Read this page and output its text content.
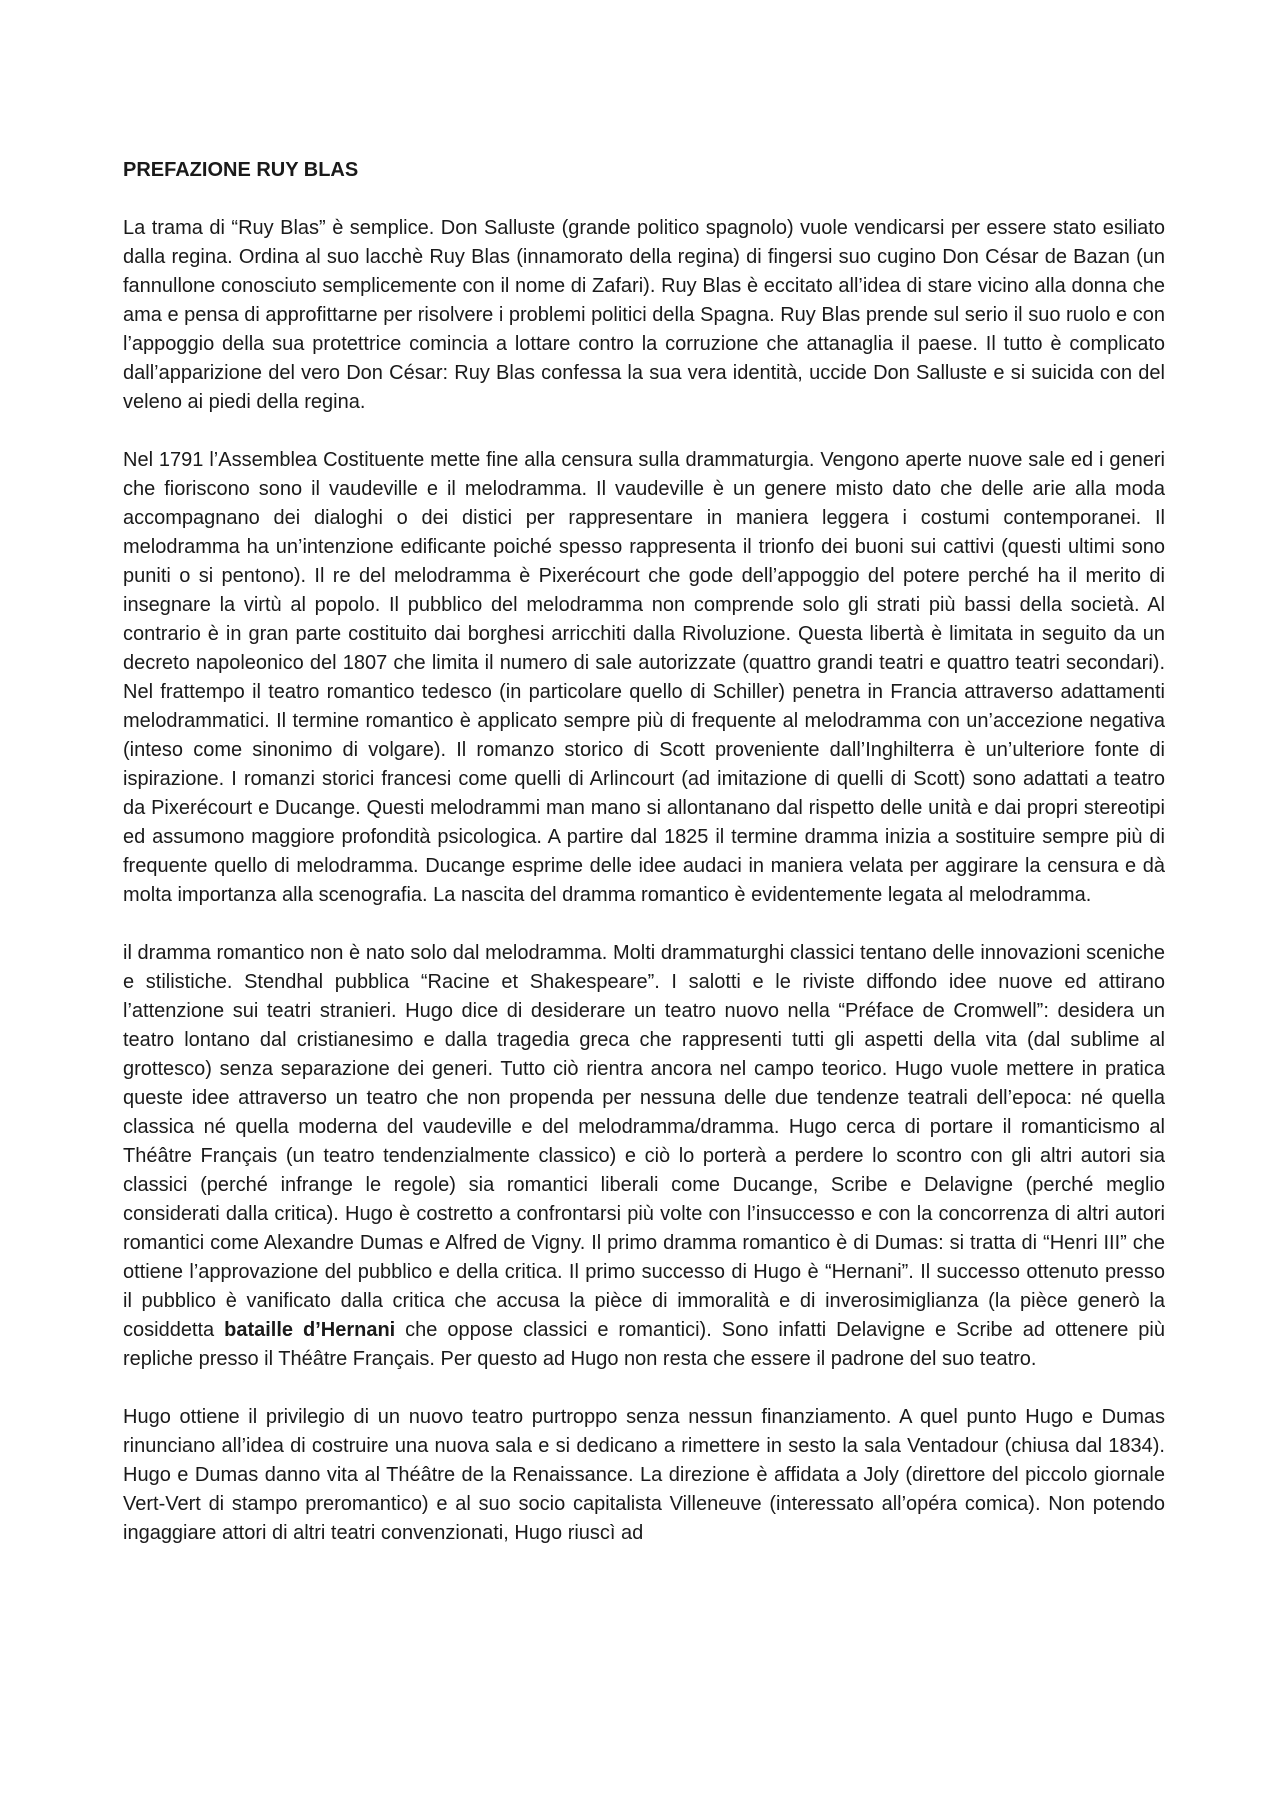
PREFAZIONE RUY BLAS

La trama di “Ruy Blas” è semplice. Don Salluste (grande politico spagnolo) vuole vendicarsi per essere stato esiliato dalla regina. Ordina al suo lacchè Ruy Blas (innamorato della regina) di fingersi suo cugino Don César de Bazan (un fannullone conosciuto semplicemente con il nome di Zafari). Ruy Blas è eccitato all’idea di stare vicino alla donna che ama e pensa di approfittarne per risolvere i problemi politici della Spagna. Ruy Blas prende sul serio il suo ruolo e con l’appoggio della sua protettrice comincia a lottare contro la corruzione che attanaglia il paese. Il tutto è complicato dall’apparizione del vero Don César: Ruy Blas confessa la sua vera identità, uccide Don Salluste e si suicida con del veleno ai piedi della regina.

Nel 1791 l’Assemblea Costituente mette fine alla censura sulla drammaturgia. Vengono aperte nuove sale ed i generi che fioriscono sono il vaudeville e il melodramma. Il vaudeville è un genere misto dato che delle arie alla moda accompagnano dei dialoghi o dei distici per rappresentare in maniera leggera i costumi contemporanei. Il melodramma ha un’intenzione edificante poiché spesso rappresenta il trionfo dei buoni sui cattivi (questi ultimi sono puniti o si pentono). Il re del melodramma è Pixerécourt che gode dell’appoggio del potere perché ha il merito di insegnare la virtù al popolo. Il pubblico del melodramma non comprende solo gli strati più bassi della società. Al contrario è in gran parte costituito dai borghesi arricchiti dalla Rivoluzione. Questa libertà è limitata in seguito da un decreto napoleonico del 1807 che limita il numero di sale autorizzate (quattro grandi teatri e quattro teatri secondari). Nel frattempo il teatro romantico tedesco (in particolare quello di Schiller) penetra in Francia attraverso adattamenti melodrammatici. Il termine romantico è applicato sempre più di frequente al melodramma con un’accezione negativa (inteso come sinonimo di volgare). Il romanzo storico di Scott proveniente dall’Inghilterra è un’ulteriore fonte di ispirazione. I romanzi storici francesi come quelli di Arlincourt (ad imitazione di quelli di Scott) sono adattati a teatro da Pixerécourt e Ducange. Questi melodrammi man mano si allontanano dal rispetto delle unità e dai propri stereotipi ed assumono maggiore profondità psicologica. A partire dal 1825 il termine dramma inizia a sostituire sempre più di frequente quello di melodramma. Ducange esprime delle idee audaci in maniera velata per aggirare la censura e dà molta importanza alla scenografia. La nascita del dramma romantico è evidentemente legata al melodramma.

il dramma romantico non è nato solo dal melodramma. Molti drammaturghi classici tentano delle innovazioni sceniche e stilistiche. Stendhal pubblica “Racine et Shakespeare”. I salotti e le riviste diffondo idee nuove ed attirano l’attenzione sui teatri stranieri. Hugo dice di desiderare un teatro nuovo nella “Préface de Cromwell”: desidera un teatro lontano dal cristianesimo e dalla tragedia greca che rappresenti tutti gli aspetti della vita (dal sublime al grottesco) senza separazione dei generi. Tutto ciò rientra ancora nel campo teorico. Hugo vuole mettere in pratica queste idee attraverso un teatro che non propenda per nessuna delle due tendenze teatrali dell’epoca: né quella classica né quella moderna del vaudeville e del melodramma/dramma. Hugo cerca di portare il romanticismo al Théâtre Français (un teatro tendenzialmente classico) e ciò lo porterà a perdere lo scontro con gli altri autori sia classici (perché infrange le regole) sia romantici liberali come Ducange, Scribe e Delavigne (perché meglio considerati dalla critica). Hugo è costretto a confrontarsi più volte con l’insuccesso e con la concorrenza di altri autori romantici come Alexandre Dumas e Alfred de Vigny. Il primo dramma romantico è di Dumas: si tratta di “Henri III” che ottiene l’approvazione del pubblico e della critica. Il primo successo di Hugo è “Hernani”. Il successo ottenuto presso il pubblico è vanificato dalla critica che accusa la pièce di immoralità e di inverosimiglianza (la pièce generò la cosiddetta bataille d’Hernani che oppose classici e romantici). Sono infatti Delavigne e Scribe ad ottenere più repliche presso il Théâtre Français. Per questo ad Hugo non resta che essere il padrone del suo teatro.

Hugo ottiene il privilegio di un nuovo teatro purtroppo senza nessun finanziamento. A quel punto Hugo e Dumas rinunciano all’idea di costruire una nuova sala e si dedicano a rimettere in sesto la sala Ventadour (chiusa dal 1834). Hugo e Dumas danno vita al Théâtre de la Renaissance. La direzione è affidata a Joly (direttore del piccolo giornale Vert-Vert di stampo preromantico) e al suo socio capitalista Villeneuve (interessato all’opéra comica). Non potendo ingaggiare attori di altri teatri convenzionati, Hugo riuscì ad
